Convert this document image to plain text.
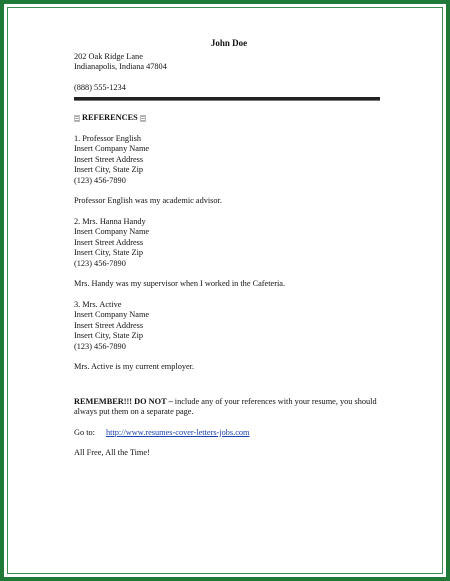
John Doe
202 Oak Ridge Lane
Indianapolis, Indiana 47804
(888) 555-1234
REFERENCES
1. Professor English
Insert Company Name
Insert Street Address
Insert City, State Zip
(123) 456-7890
Professor English was my academic advisor.
2. Mrs. Hanna Handy
Insert Company Name
Insert Street Address
Insert City, State Zip
(123) 456-7890
Mrs. Handy was my supervisor when I worked in the Cafeteria.
3. Mrs. Active
Insert Company Name
Insert Street Address
Insert City, State Zip
(123) 456-7890
Mrs. Active is my current employer.
REMEMBER!!! DO NOT – include any of your references with your resume, you should always put them on a separate page.
Go to: http://www.resumes-cover-letters-jobs.com
All Free, All the Time!
